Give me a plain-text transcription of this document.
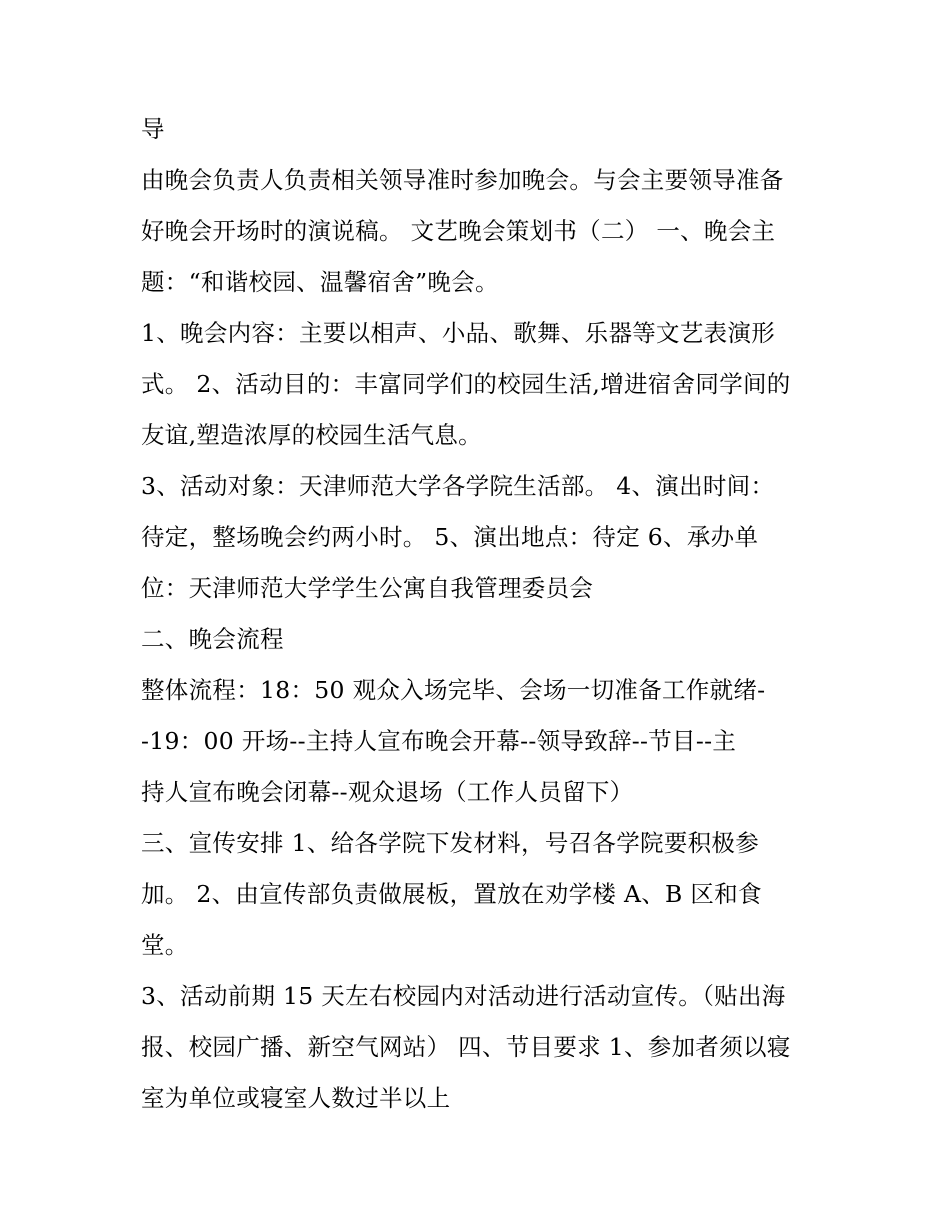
导
由晚会负责人负责相关领导准时参加晚会。与会主要领导准备
好晚会开场时的演说稿。 文艺晚会策划书（二） 一、晚会主
题：“和谐校园、温馨宿舍”晚会。
1、晚会内容：主要以相声、小品、歌舞、乐器等文艺表演形
式。 2、活动目的：丰富同学们的校园生活,增进宿舍同学间的
友谊,塑造浓厚的校园生活气息。
3、活动对象：天津师范大学各学院生活部。 4、演出时间：
待定，整场晚会约两小时。 5、演出地点：待定 6、承办单
位：天津师范大学学生公寓自我管理委员会
二、晚会流程
整体流程：18：50 观众入场完毕、会场一切准备工作就绪-
-19：00 开场--主持人宣布晚会开幕--领导致辞--节目--主
持人宣布晚会闭幕--观众退场（工作人员留下）
三、宣传安排 1、给各学院下发材料，号召各学院要积极参
加。 2、由宣传部负责做展板，置放在劝学楼 A、B 区和食
堂。
3、活动前期 15 天左右校园内对活动进行活动宣传。（贴出海
报、校园广播、新空气网站） 四、节目要求 1、参加者须以寝
室为单位或寝室人数过半以上
